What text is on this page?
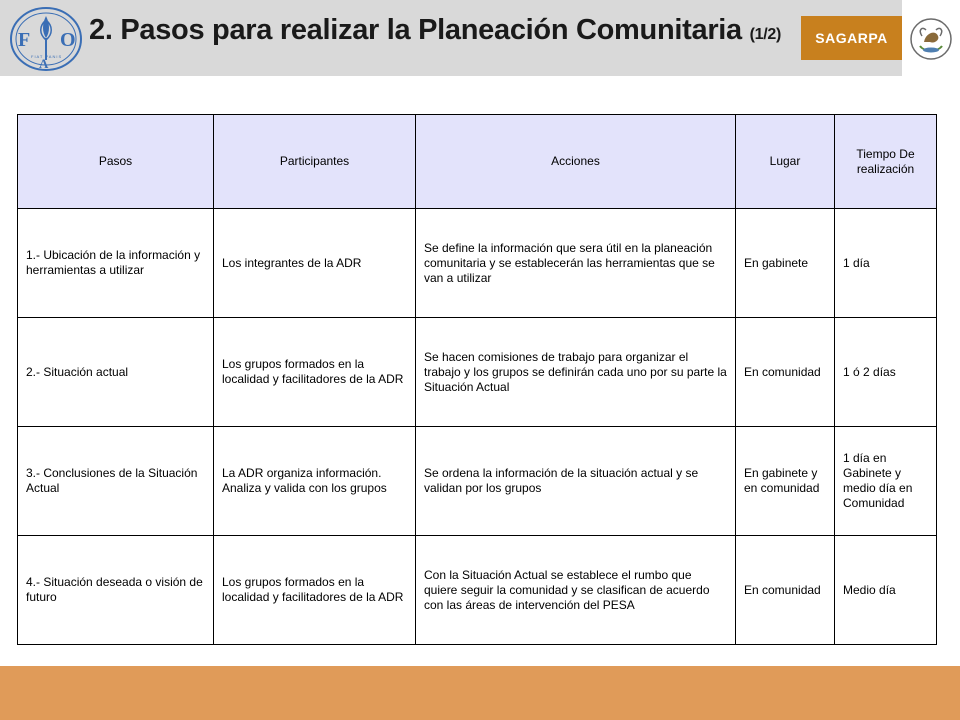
F
A
O
FIAT PANIS
2. Pasos para realizar la Planeación Comunitaria (1/2) SAGARPA
Pasos	Participantes	Acciones	Lugar	Tiempo De realización
1.- Ubicación de la información y herramientas a utilizar	Los integrantes de la ADR	Se define la información que sera útil en la planeación comunitaria y se establecerán las herramientas que se van a utilizar	En gabinete	1 día
2.- Situación actual	Los grupos formados en la localidad y facilitadores de la ADR	Se hacen comisiones de trabajo para organizar el trabajo y los grupos se definirán cada uno por su parte la Situación Actual	En comunidad	1 ó 2 días
3.- Conclusiones de la Situación Actual	La ADR organiza información. Analiza y valida con los grupos	Se ordena la información de la situación actual y se validan por los grupos	En gabinete y en comunidad	1 día en Gabinete y medio día en Comunidad
4.- Situación deseada o visión de futuro	Los grupos formados en la localidad y facilitadores de la ADR	Con la Situación Actual se establece el rumbo que quiere seguir la comunidad y se clasifican de acuerdo con las áreas de intervención del PESA	En comunidad	Medio día
